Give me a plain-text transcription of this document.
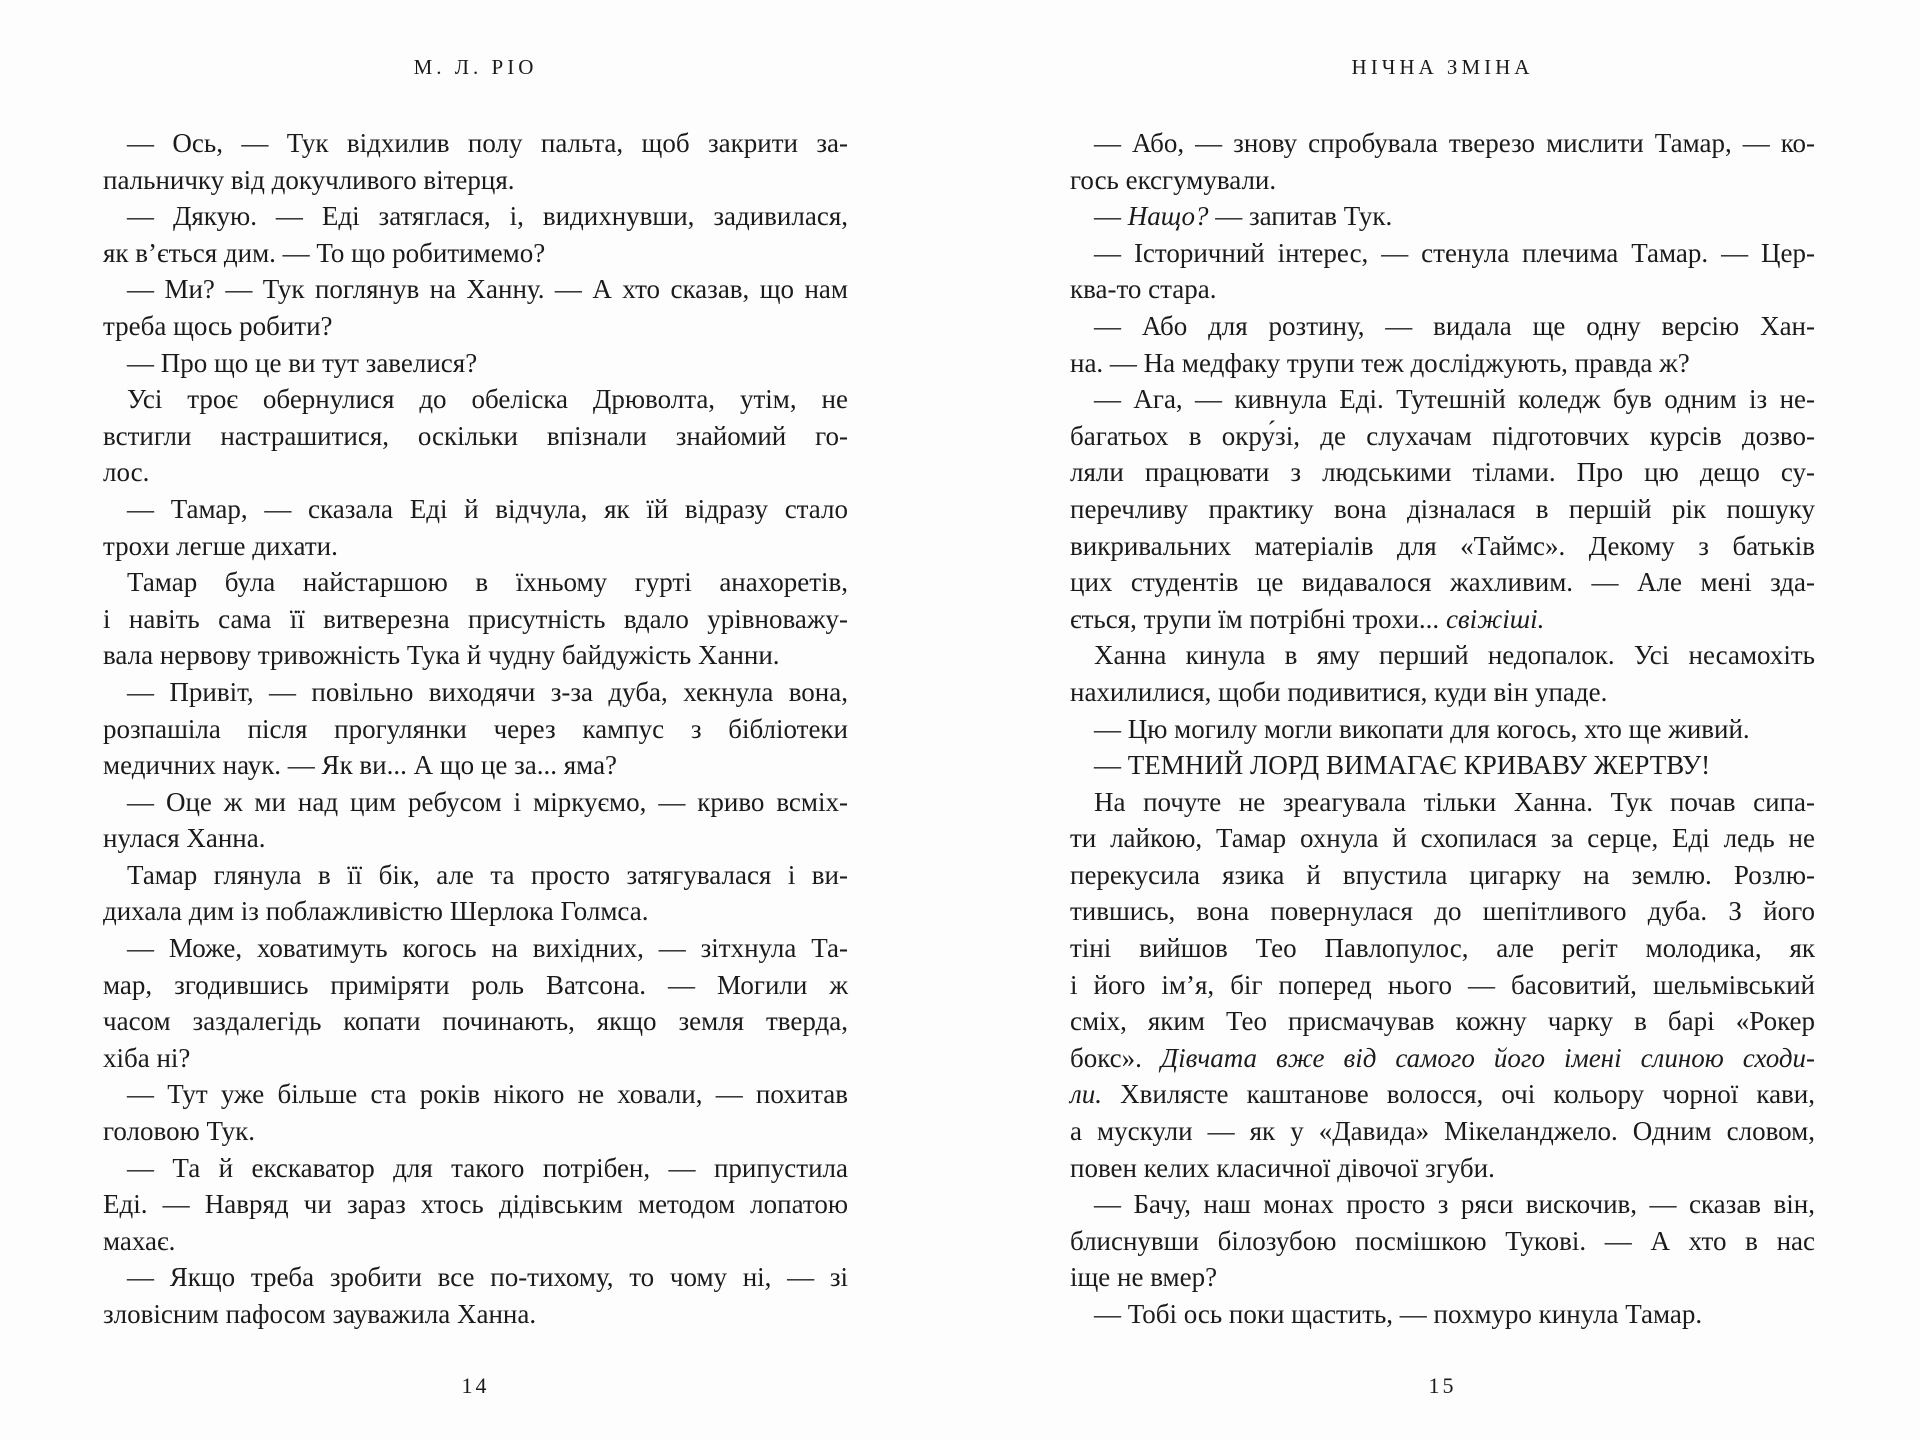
М. Л. РІО
— Ось, — Тук відхилив полу пальта, щоб закрити за-
пальничку від докучливого вітерця.
— Дякую. — Еді затяглася, і, видихнувши, задивилася,
як в’ється дим. — То що робитимемо?
— Ми? — Тук поглянув на Ханну. — А хто сказав, що нам
треба щось робити?
— Про що це ви тут завелися?
Усі троє обернулися до обеліска Дрюволта, утім, не
встигли настрашитися, оскільки впізнали знайомий го-
лос.
— Тамар, — сказала Еді й відчула, як їй відразу стало
трохи легше дихати.
Тамар була найстаршою в їхньому гурті анахоретів,
і навіть сама її витверезна присутність вдало урівноважу-
вала нервову тривожність Тука й чудну байдужість Ханни.
— Привіт, — повільно виходячи з-за дуба, хекнула вона,
розпашіла після прогулянки через кампус з бібліотеки
медичних наук. — Як ви... А що це за... яма?
— Оце ж ми над цим ребусом і міркуємо, — криво всміх-
нулася Ханна.
Тамар глянула в її бік, але та просто затягувалася і ви-
дихала дим із поблажливістю Шерлока Голмса.
— Може, ховатимуть когось на вихідних, — зітхнула Та-
мар, згодившись приміряти роль Ватсона. — Могили ж
часом заздалегідь копати починають, якщо земля тверда,
хіба ні?
— Тут уже більше ста років нікого не ховали, — похитав
головою Тук.
— Та й екскаватор для такого потрібен, — припустила
Еді. — Навряд чи зараз хтось дідівським методом лопатою
махає.
— Якщо треба зробити все по-тихому, то чому ні, — зі
зловісним пафосом зауважила Ханна.
14
НІЧНА ЗМІНА
— Або, — знову спробувала тверезо мислити Тамар, — ко-
гось ексгумували.
— Нащо? — запитав Тук.
— Історичний інтерес, — стенула плечима Тамар. — Цер-
ква-то стара.
— Або для розтину, — видала ще одну версію Хан-
на. — На медфаку трупи теж досліджують, правда ж?
— Ага, — кивнула Еді. Тутешній коледж був одним із не-
багатьох в окру́зі, де слухачам підготовчих курсів дозво-
ляли працювати з людськими тілами. Про цю дещо су-
перечливу практику вона дізналася в першій рік пошуку
викривальних матеріалів для «Таймс». Декому з батьків
цих студентів це видавалося жахливим. — Але мені зда-
ється, трупи їм потрібні трохи... свіжіші.
Ханна кинула в яму перший недопалок. Усі несамохіть
нахилилися, щоби подивитися, куди він упаде.
— Цю могилу могли викопати для когось, хто ще живий.
— ТЕМНИЙ ЛОРД ВИМАГАЄ КРИВАВУ ЖЕРТВУ!
На почуте не зреагувала тільки Ханна. Тук почав сипа-
ти лайкою, Тамар охнула й схопилася за серце, Еді ледь не
перекусила язика й впустила цигарку на землю. Розлю-
тившись, вона повернулася до шепітливого дуба. З його
тіні вийшов Тео Павлопулос, але регіт молодика, як
і його ім’я, біг поперед нього — басовитий, шельмівський
сміх, яким Тео присмачував кожну чарку в барі «Рокер
бокс». Дівчата вже від самого його імені слиною сходи-
ли. Хвилясте каштанове волосся, очі кольору чорної кави,
а мускули — як у «Давида» Мікеланджело. Одним словом,
повен келих класичної дівочої згуби.
— Бачу, наш монах просто з ряси вискочив, — сказав він,
блиснувши білозубою посмішкою Тукові. — А хто в нас
іще не вмер?
— Тобі ось поки щастить, — похмуро кинула Тамар.
15
